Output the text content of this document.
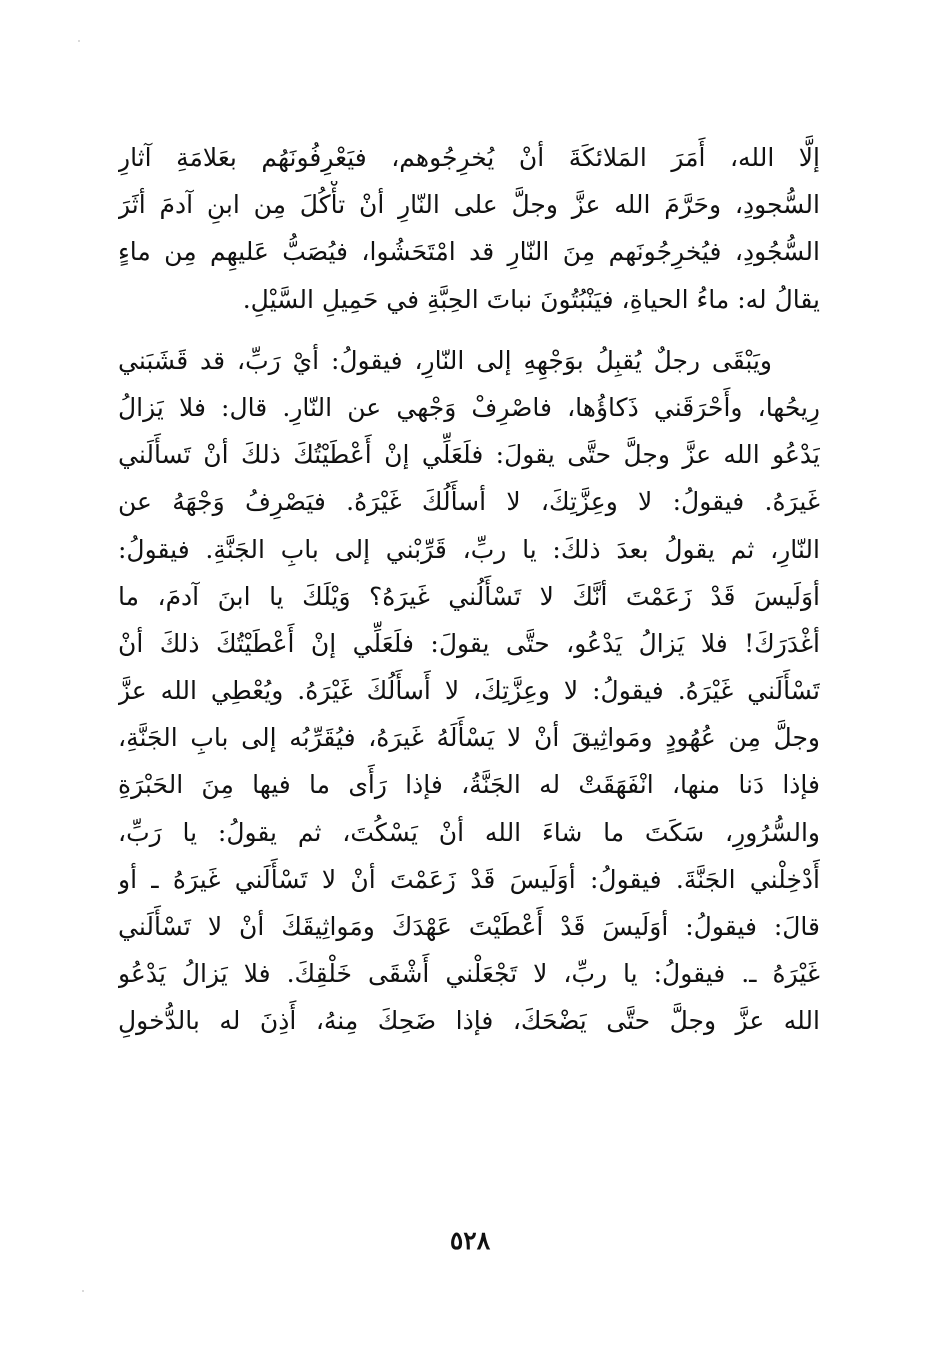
إلَّا الله، أَمَرَ المَلائكَةَ أنْ يُخرِجُوهم، فيَعْرِفُونَهُم بعَلامَةِ آثارِ
السُّجودِ، وحَرَّمَ الله عزَّ وجلَّ على النّارِ أنْ تأْكُلَ مِن ابنِ آدمَ أثَرَ
السُّجُودِ، فيُخرِجُونَهم مِنَ النّارِ قد امْتَحَشُوا، فيُصَبُّ عَليهِم مِن ماءٍ
يقالُ له: ماءُ الحياةِ، فيَنْبُتُونَ نباتَ الحِبَّةِ في حَمِيلِ السَّيْلِ.
ويَبْقَى رجلٌ يُقبِلُ بوَجْهِهِ إلى النّارِ، فيقولُ: أيْ رَبِّ، قد قَشَبَني
رِيحُها، وأَحْرَقَني ذَكاؤُها، فاصْرِفْ وَجْهي عن النّارِ. قال: فلا يَزالُ
يَدْعُو الله عزَّ وجلَّ حتَّى يقولَ: فلَعَلِّي إنْ أَعْطَيْتُكَ ذلكَ أنْ تَسأَلَني
غَيرَهُ. فيقولُ: لا وعِزَّتِكَ، لا أسأَلُكَ غَيْرَهُ. فيَصْرِفُ وَجْهَهُ عن
النّارِ، ثم يقولُ بعدَ ذلكَ: يا ربِّ، قَرِّبْني إلى بابِ الجَنَّةِ. فيقولُ:
أوَلَيسَ قَدْ زَعَمْتَ أنَّكَ لا تَسْأَلُني غَيرَهُ؟ وَيْلَكَ يا ابنَ آدمَ، ما
أغْدَرَكَ! فلا يَزالُ يَدْعُو، حتَّى يقولَ: فلَعَلِّي إنْ أَعْطَيْتُكَ ذلكَ أنْ
تَسْأَلَني غَيْرَهُ. فيقولُ: لا وعِزَّتِكَ، لا أَسأَلُكَ غَيْرَهُ. ويُعْطِي الله عزَّ
وجلَّ مِن عُهُودٍ ومَواثِيقَ أنْ لا يَسْأَلَهُ غَيرَهُ، فيُقَرِّبُه إلى بابِ الجَنَّةِ،
فإذا دَنا منها، انْفَهَقَتْ له الجَنَّةُ، فإذا رَأَى ما فيها مِنَ الحَبْرَةِ
والسُّرُورِ، سَكَتَ ما شاءَ الله أنْ يَسْكُتَ، ثم يقولُ: يا رَبِّ،
أَدْخِلْني الجَنَّةَ. فيقولُ: أوَلَيسَ قَدْ زَعَمْتَ أنْ لا تَسْأَلَني غَيرَهُ ـ أو
قالَ: فيقولُ: أوَلَيسَ قَدْ أَعْطَيْتَ عَهْدَكَ ومَواثِيقَكَ أنْ لا تَسْأَلَني
غَيْرَهُ ـ. فيقولُ: يا ربِّ، لا تَجْعَلْني أَشْقَى خَلْقِكَ. فلا يَزالُ يَدْعُو
الله عزَّ وجلَّ حتَّى يَضْحَكَ، فإذا ضَحِكَ مِنهُ، أَذِنَ له بالدُّخولِ
٥٢٨
